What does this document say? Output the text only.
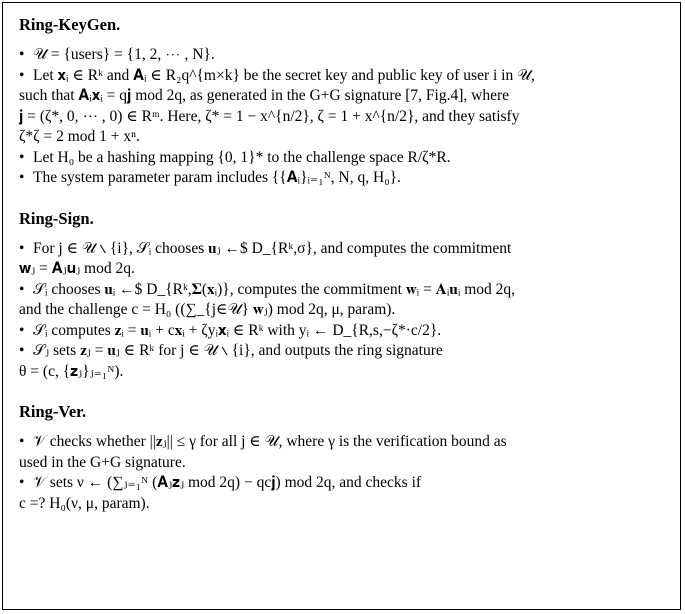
Ring-KeyGen.
• 𝒰 = {users} = {1, 2, ⋯ , N}.
• Let 𝐱ᵢ ∈ Rᵏ and 𝐀ᵢ ∈ R₂q^{m×k} be the secret key and public key of user i in 𝒰,
such that 𝐀ᵢ𝐱ᵢ = q𝐣 mod 2q, as generated in the G+G signature [7, Fig.4], where
𝐣 = (ζ*, 0, ⋯ , 0) ∈ Rᵐ. Here, ζ* = 1 − x^{n/2}, ζ = 1 + x^{n/2}, and they satisfy
ζ*ζ = 2 mod 1 + xⁿ.
• Let H₀ be a hashing mapping {0, 1}* to the challenge space R/ζ*R.
• The system parameter param includes {{𝐀ᵢ}ᵢ₌₁ᴺ, N, q, H₀}.
Ring-Sign.
• For j ∈ 𝒰 ∖ {i}, 𝒮ᵢ chooses 𝐮ⱼ ←$ D_{Rᵏ,σ}, and computes the commitment
𝐰ⱼ = 𝐀ⱼ𝐮ⱼ mod 2q.
• 𝒮ᵢ chooses 𝐮ᵢ ←$ D_{Rᵏ,𝚺(𝐱ᵢ)}, computes the commitment 𝐰ᵢ = 𝐀ᵢ𝐮ᵢ mod 2q,
and the challenge c = H₀ ((∑_{j∈𝒰} 𝐰ⱼ) mod 2q, μ, param).
• 𝒮ᵢ computes 𝐳ᵢ = 𝐮ᵢ + c𝐱ᵢ + ζyᵢ𝐱ᵢ ∈ Rᵏ with yᵢ ← D_{R,s,−ζ*·c/2}.
• 𝒮ⱼ sets 𝐳ⱼ = 𝐮ⱼ ∈ Rᵏ for j ∈ 𝒰 ∖ {i}, and outputs the ring signature
θ = (c, {𝐳ⱼ}ⱼ₌₁ᴺ).
Ring-Ver.
• 𝒱 checks whether ||𝐳ⱼ|| ≤ γ for all j ∈ 𝒰, where γ is the verification bound as
used in the G+G signature.
• 𝒱 sets ν ← (∑ⱼ₌₁ᴺ (𝐀ⱼ𝐳ⱼ mod 2q) − qc𝐣) mod 2q, and checks if
c =? H₀(ν, μ, param).
